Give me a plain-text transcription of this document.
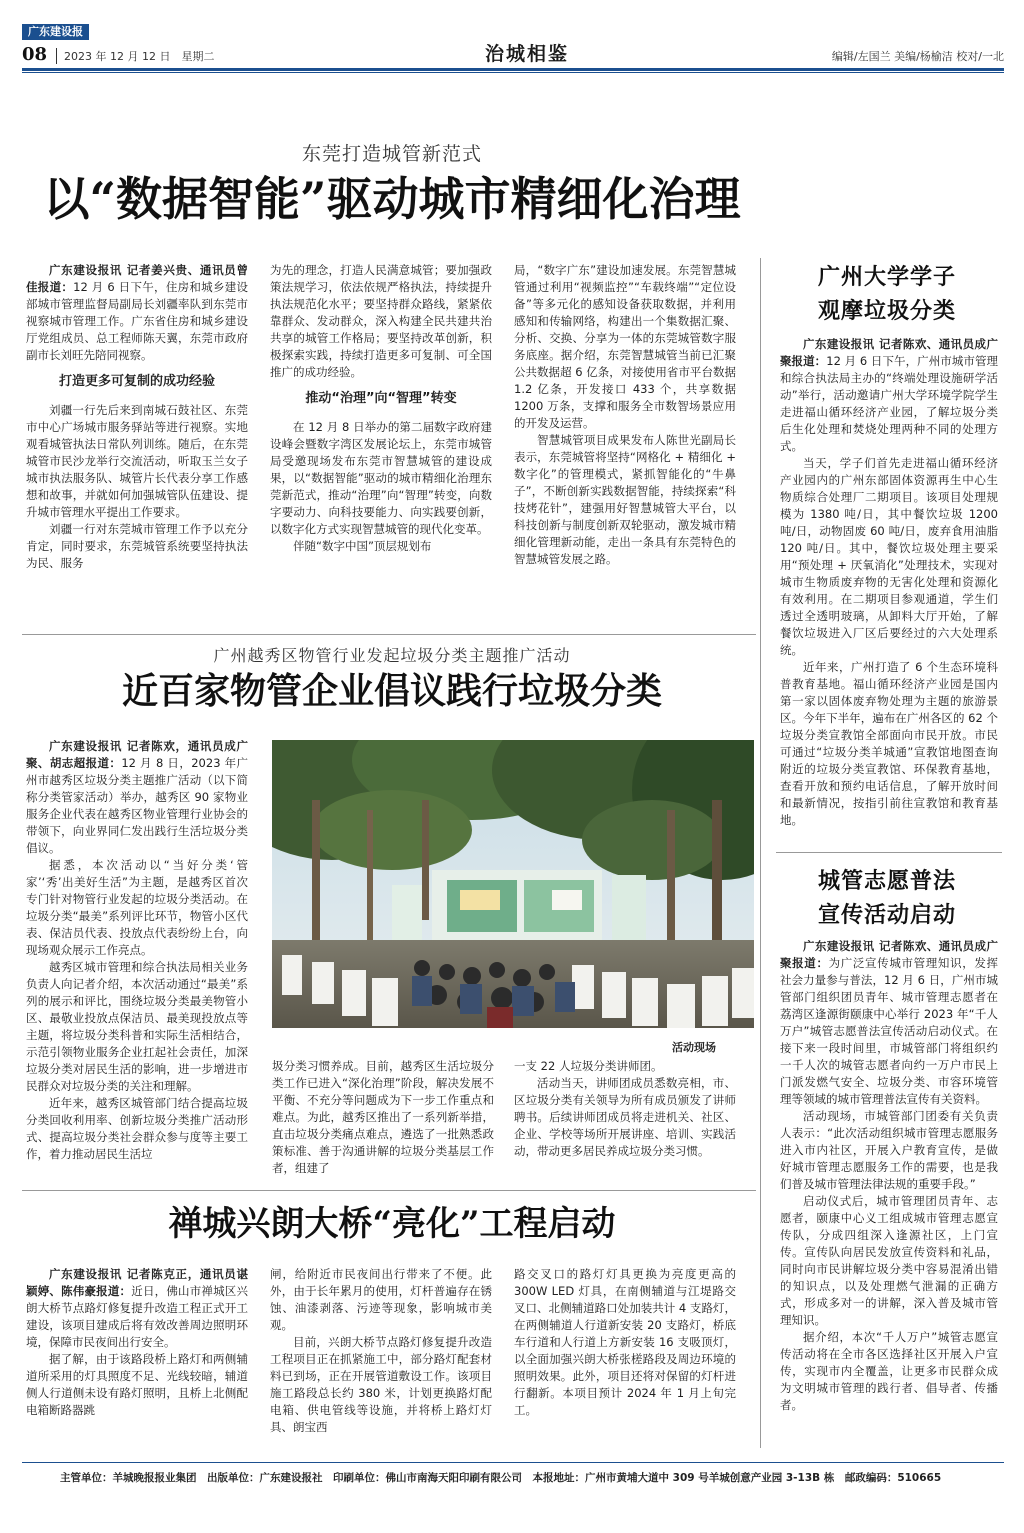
广东建设报
08 2023 年 12 月 12 日　星期二	治城相鉴	编辑/左国兰 美编/杨榆洁 校对/一北
东莞打造城管新范式
以“数据智能”驱动城市精细化治理

广东建设报讯 记者姜兴贵、通讯员曾佳报道：12 月 6 日下午，住房和城乡建设部城市管理监督局副局长刘疆率队到东莞市视察城市管理工作。广东省住房和城乡建设厅党组成员、总工程师陈天翼，东莞市政府副市长刘旺先陪同视察。

打造更多可复制的成功经验

刘疆一行先后来到南城石鼓社区、东莞市中心广场城市服务驿站等进行视察。实地观看城管执法日常队列训练。随后，在东莞城管市民沙龙举行交流活动，听取玉兰女子城市执法服务队、城管片长代表分享工作感想和故事，并就如何加强城管队伍建设、提升城市管理水平提出工作要求。

刘疆一行对东莞城市管理工作予以充分肯定，同时要求，东莞城管系统要坚持执法为民、服务

为先的理念，打造人民满意城管；要加强政策法规学习，依法依规严格执法，持续提升执法规范化水平；要坚持群众路线，紧紧依靠群众、发动群众，深入构建全民共建共治共享的城管工作格局；要坚持改革创新，积极探索实践，持续打造更多可复制、可全国推广的成功经验。

推动“治理”向“智理”转变

在 12 月 8 日举办的第二届数字政府建设峰会暨数字湾区发展论坛上，东莞市城管局受邀现场发布东莞市智慧城管的建设成果，以“数据智能”驱动的城市精细化治理东莞新范式，推动“治理”向“智理”转变，向数字要动力、向科技要能力、向实践要创新，以数字化方式实现智慧城管的现代化变革。

伴随“数字中国”顶层规划布

局，“数字广东”建设加速发展。东莞智慧城管通过利用“视频监控”“车载终端”“定位设备”等多元化的感知设备获取数据，并利用感知和传输网络，构建出一个集数据汇聚、分析、交换、分享为一体的东莞城管数字服务底座。据介绍，东莞智慧城管当前已汇聚公共数据超 6 亿条，对接使用省市平台数据 1.2 亿条，开发接口 433 个，共享数据 1200 万条，支撑和服务全市数智场景应用的开发及运营。

智慧城管项目成果发布人陈世光副局长表示，东莞城管将坚持“网格化 + 精细化 + 数字化”的管理模式，紧抓智能化的“牛鼻子”，不断创新实践数据智能，持续探索“科技烤花针”，建强用好智慧城管大平台，以科技创新与制度创新双轮驱动，激发城市精细化管理新动能，走出一条具有东莞特色的智慧城管发展之路。

广州越秀区物管行业发起垃圾分类主题推广活动
近百家物管企业倡议践行垃圾分类

广东建设报讯 记者陈欢，通讯员成广聚、胡志超报道：12 月 8 日，2023 年广州市越秀区垃圾分类主题推广活动（以下简称分类管家活动）举办，越秀区 90 家物业服务企业代表在越秀区物业管理行业协会的带领下，向业界同仁发出践行生活垃圾分类倡议。

据悉，本次活动以“当好分类‘管家’‘秀’出美好生活”为主题，是越秀区首次专门针对物管行业发起的垃圾分类活动。在垃圾分类“最美”系列评比环节，物管小区代表、保洁员代表、投放点代表纷纷上台，向现场观众展示工作亮点。

越秀区城市管理和综合执法局相关业务负责人向记者介绍，本次活动通过“最美”系列的展示和评比，围绕垃圾分类最美物管小区、最敬业投放点保洁员、最美现投放点等主题，将垃圾分类科普和实际生活相结合，示范引领物业服务企业扛起社会责任，加深垃圾分类对居民生活的影响，进一步增进市民群众对垃圾分类的关注和理解。

近年来，越秀区城管部门结合提高垃圾分类回收利用率、创新垃圾分类推广活动形式、提高垃圾分类社会群众参与度等主要工作，着力推动居民生活垃

活动现场

圾分类习惯养成。目前，越秀区生活垃圾分类工作已进入“深化治理”阶段，解决发展不平衡、不充分等问题成为下一步工作重点和难点。为此，越秀区推出了一系列新举措，直击垃圾分类痛点难点，遴选了一批熟悉政策标准、善于沟通讲解的垃圾分类基层工作者，组建了

一支 22 人垃圾分类讲师团。

活动当天，讲师团成员悉数亮相，市、区垃圾分类有关领导为所有成员颁发了讲师聘书。后续讲师团成员将走进机关、社区、企业、学校等场所开展讲座、培训、实践活动，带动更多居民养成垃圾分类习惯。

禅城兴朗大桥“亮化”工程启动

广东建设报讯 记者陈克正，通讯员谌颖婷、陈伟豪报道：近日，佛山市禅城区兴朗大桥节点路灯修复提升改造工程正式开工建设，该项目建成后将有效改善周边照明环境，保障市民夜间出行安全。

据了解，由于该路段桥上路灯和两侧辅道所采用的灯具照度不足、光线较暗，辅道侧人行道侧未设有路灯照明，且桥上北侧配电箱断路器跳

闸，给附近市民夜间出行带来了不便。此外，由于长年累月的使用，灯杆普遍存在锈蚀、油漆剥落、污迹等现象，影响城市美观。

目前，兴朗大桥节点路灯修复提升改造工程项目正在抓紧施工中，部分路灯配套材料已到场，正在开展管道敷设工作。该项目施工路段总长约 380 米，计划更换路灯配电箱、供电管线等设施，并将桥上路灯灯具、朗宝西

路交叉口的路灯灯具更换为亮度更高的 300W LED 灯具，在南侧辅道与江堤路交叉口、北侧辅道路口处加装共计 4 支路灯，在两侧辅道人行道新安装 20 支路灯，桥底车行道和人行道上方新安装 16 支吸顶灯，以全面加强兴朗大桥张槎路段及周边环境的照明效果。此外，项目还将对保留的灯杆进行翻新。本项目预计 2024 年 1 月上旬完工。

广州大学学子
观摩垃圾分类

广东建设报讯 记者陈欢、通讯员成广聚报道：12 月 6 日下午，广州市城市管理和综合执法局主办的“终端处理设施研学活动”举行，活动邀请广州大学环境学院学生走进福山循环经济产业园，了解垃圾分类后生化处理和焚烧处理两种不同的处理方式。

当天，学子们首先走进福山循环经济产业园内的广州东部固体资源再生中心生物质综合处理厂二期项目。该项目处理规模为 1380 吨/日，其中餐饮垃圾 1200 吨/日，动物固废 60 吨/日，废弃食用油脂 120 吨/日。其中，餐饮垃圾处理主要采用“预处理 + 厌氧消化”处理技术，实现对城市生物质废弃物的无害化处理和资源化有效利用。在二期项目参观通道，学生们透过全透明玻璃，从卸料大厅开始，了解餐饮垃圾进入厂区后要经过的六大处理系统。

近年来，广州打造了 6 个生态环境科普教育基地。福山循环经济产业园是国内第一家以固体废弃物处理为主题的旅游景区。今年下半年，遍布在广州各区的 62 个垃圾分类宣教馆全部面向市民开放。市民可通过“垃圾分类羊城通”宣教馆地图查询附近的垃圾分类宣教馆、环保教育基地，查看开放和预约电话信息，了解开放时间和最新情况，按指引前往宣教馆和教育基地。

城管志愿普法
宣传活动启动

广东建设报讯 记者陈欢、通讯员成广聚报道：为广泛宣传城市管理知识，发挥社会力量参与普法，12 月 6 日，广州市城管部门组织团员青年、城市管理志愿者在荔湾区逢源街颐康中心举行 2023 年“千人万户”城管志愿普法宣传活动启动仪式。在接下来一段时间里，市城管部门将组织约一千人次的城管志愿者向约一万户市民上门派发燃气安全、垃圾分类、市容环境管理等领域的城市管理普法宣传有关资料。

活动现场，市城管部门团委有关负责人表示：“此次活动组织城市管理志愿服务进入市内社区，开展入户教育宣传，是做好城市管理志愿服务工作的需要，也是我们普及城市管理法律法规的重要手段。”

启动仪式后，城市管理团员青年、志愿者，颐康中心义工组成城市管理志愿宣传队，分成四组深入逢源社区，上门宣传。宣传队向居民发放宣传资料和礼品，同时向市民讲解垃圾分类中容易混淆出错的知识点，以及处理燃气泄漏的正确方式，形成多对一的讲解，深入普及城市管理知识。

据介绍，本次“千人万户”城管志愿宣传活动将在全市各区选择社区开展入户宣传，实现市内全覆盖，让更多市民群众成为文明城市管理的践行者、倡导者、传播者。

主管单位：羊城晚报报业集团　出版单位：广东建设报社　印刷单位：佛山市南海天阳印刷有限公司　本报地址：广州市黄埔大道中 309 号羊城创意产业园 3-13B 栋　邮政编码：510665
